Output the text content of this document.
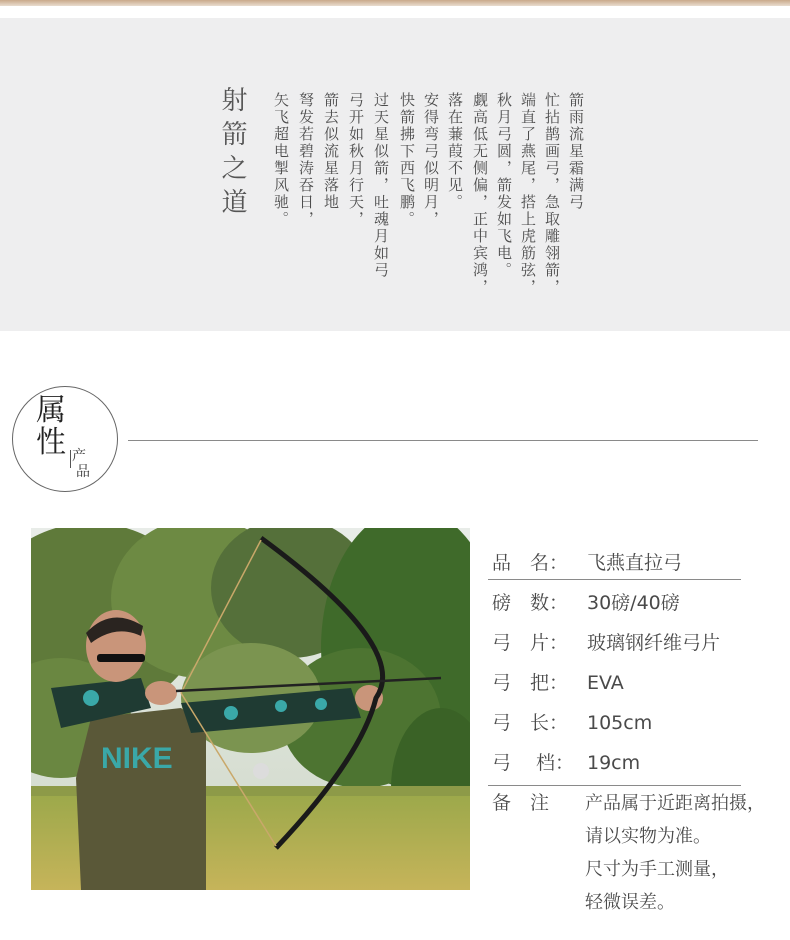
箭雨流星霜满弓
忙拈鹊画弓，急取雕翎箭，
端直了燕尾，搭上虎筋弦，
秋月弓圆，箭发如飞电。
觑高低无侧偏，正中宾鸿，
落在蒹葭不见。
安得弯弓似明月，
快箭拂下西飞鹏。
过天星似箭，吐魂月如弓
弓开如秋月行天，
箭去似流星落地
弩发若碧涛吞日，
矢飞超电掣风驰。
射箭之道
属
性 产
品
NIKE
品　名： 飞燕直拉弓
磅　数： 30磅/40磅
弓　片： 玻璃钢纤维弓片
弓　把： EVA
弓　长： 105cm
弓　 档： 19cm
备　注 产品属于近距离拍摄，
请以实物为准。
尺寸为手工测量，
轻微误差。
